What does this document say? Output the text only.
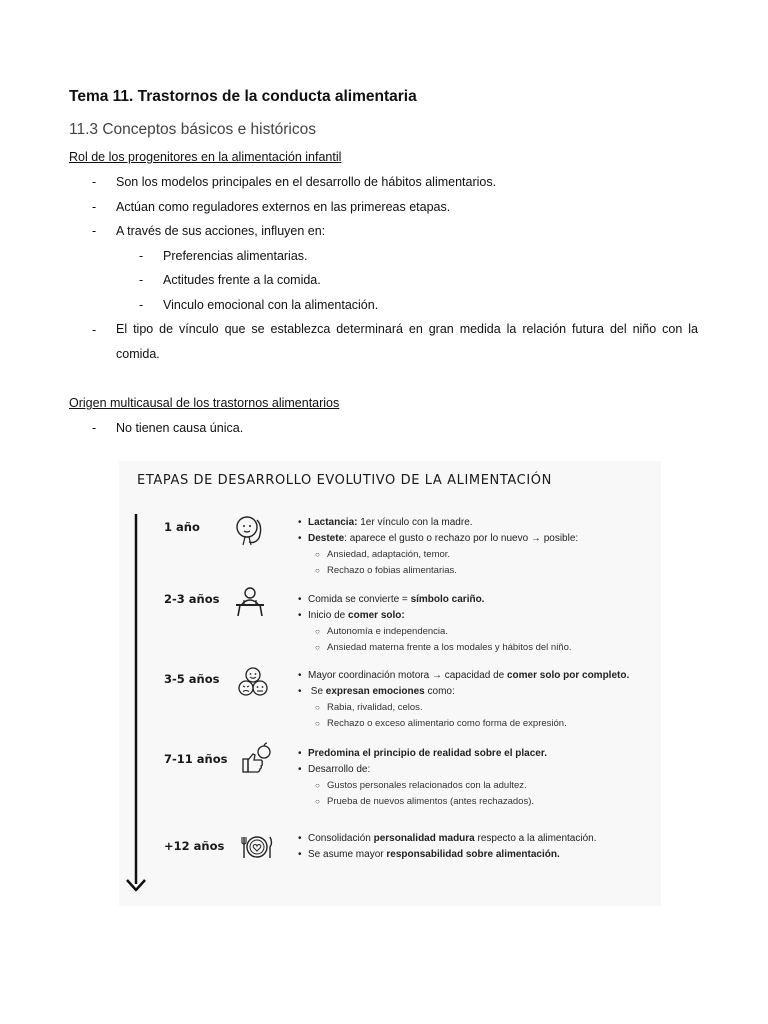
Tema 11. Trastornos de la conducta alimentaria
11.3 Conceptos básicos e históricos
Rol de los progenitores en la alimentación infantil
- Son los modelos principales en el desarrollo de hábitos alimentarios.
- Actúan como reguladores externos en las primereas etapas.
- A través de sus acciones, influyen en:
- Preferencias alimentarias.
- Actitudes frente a la comida.
- Vinculo emocional con la alimentación.
- El tipo de vínculo que se establezca determinará en gran medida la relación futura del niño con la comida.
Origen multicausal de los trastornos alimentarios
- No tienen causa única.
ETAPAS DE DESARROLLO EVOLUTIVO DE LA ALIMENTACIÓN
1 año	• Lactancia: 1er vínculo con la madre.
• Destete: aparece el gusto o rechazo por lo nuevo → posible:
○ Ansiedad, adaptación, temor.
○ Rechazo o fobias alimentarias.
2-3 años	• Comida se convierte = símbolo cariño.
• Inicio de comer solo:
○ Autonomía e independencia.
○ Ansiedad materna frente a los modales y hábitos del niño.
3-5 años	• Mayor coordinación motora → capacidad de comer solo por completo.
• Se expresan emociones como:
○ Rabia, rivalidad, celos.
○ Rechazo o exceso alimentario como forma de expresión.
7-11 años	• Predomina el principio de realidad sobre el placer.
• Desarrollo de:
○ Gustos personales relacionados con la adultez.
○ Prueba de nuevos alimentos (antes rechazados).
+12 años
• Consolidación personalidad madura respecto a la alimentación.
• Se asume mayor responsabilidad sobre alimentación.
